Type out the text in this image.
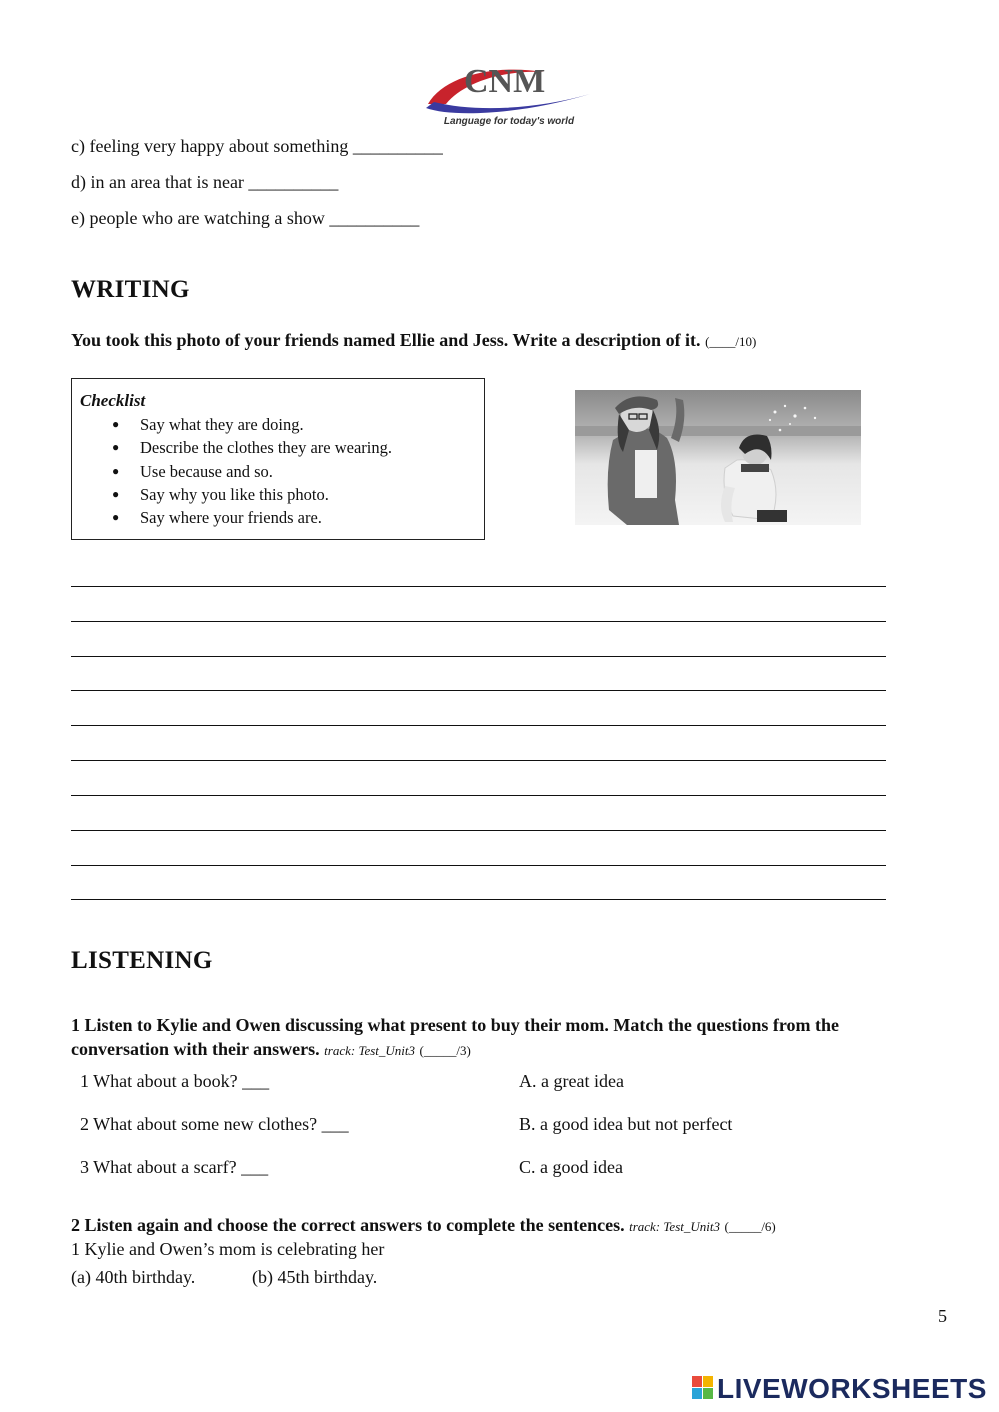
CNM
Language for today's world
c) feeling very happy about something __________
d) in an area that is near __________
e) people who are watching a show __________
WRITING
You took this photo of your friends named Ellie and Jess. Write a description of it. (____/10)
Checklist
● Say what they are doing.
● Describe the clothes they are wearing.
● Use because and so.
● Say why you like this photo.
● Say where your friends are.
LISTENING
1 Listen to Kylie and Owen discussing what present to buy their mom. Match the questions from the conversation with their answers. track: Test_Unit3 (_____/3)
1 What about a book? ___
2 What about some new clothes? ___
3 What about a scarf? ___
A. a great idea
B. a good idea but not perfect
C. a good idea
2 Listen again and choose the correct answers to complete the sentences. track: Test_Unit3 (_____/6)
1 Kylie and Owen’s mom is celebrating her
(a) 40th birthday.	(b) 45th birthday.
5
LIVEWORKSHEETS
